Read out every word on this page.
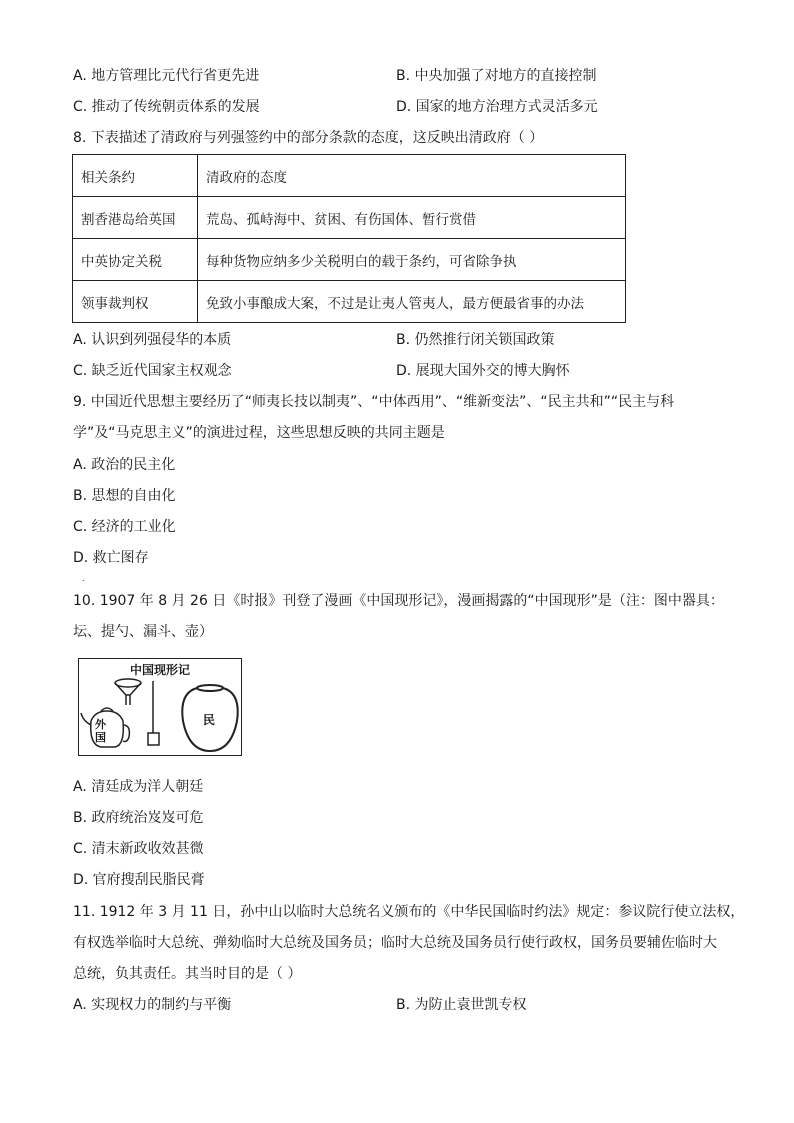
A. 地方管理比元代行省更先进	B. 中央加强了对地方的直接控制
C. 推动了传统朝贡体系的发展	D. 国家的地方治理方式灵活多元
8. 下表描述了清政府与列强签约中的部分条款的态度，这反映出清政府（ ）
相关条约	清政府的态度
割香港岛给英国	荒岛、孤峙海中、贫困、有伤国体、暂行赏借
中英协定关税	每种货物应纳多少关税明白的载于条约，可省除争执
领事裁判权	免致小事酿成大案，不过是让夷人管夷人，最方便最省事的办法
A. 认识到列强侵华的本质	B. 仍然推行闭关锁国政策
C. 缺乏近代国家主权观念	D. 展现大国外交的博大胸怀
9. 中国近代思想主要经历了“师夷长技以制夷”、“中体西用”、“维新变法”、“民主共和”“民主与科
学”及“马克思主义”的演进过程，这些思想反映的共同主题是
A. 政治的民主化
B. 思想的自由化
C. 经济的工业化
D. 救亡图存
.
10. 1907 年 8 月 26 日《时报》刊登了漫画《中国现形记》，漫画揭露的“中国现形”是（注：图中器具：
坛、提勺、漏斗、壶）
中国现形记
民
外国
A. 清廷成为洋人朝廷
B. 政府统治岌岌可危
C. 清末新政收效甚微
D. 官府搜刮民脂民膏
11. 1912 年 3 月 11 日，孙中山以临时大总统名义颁布的《中华民国临时约法》规定：参议院行使立法权，
有权选举临时大总统、弹劾临时大总统及国务员；临时大总统及国务员行使行政权，国务员要辅佐临时大
总统，负其责任。其当时目的是（ ）
A. 实现权力的制约与平衡	B. 为防止袁世凯专权
